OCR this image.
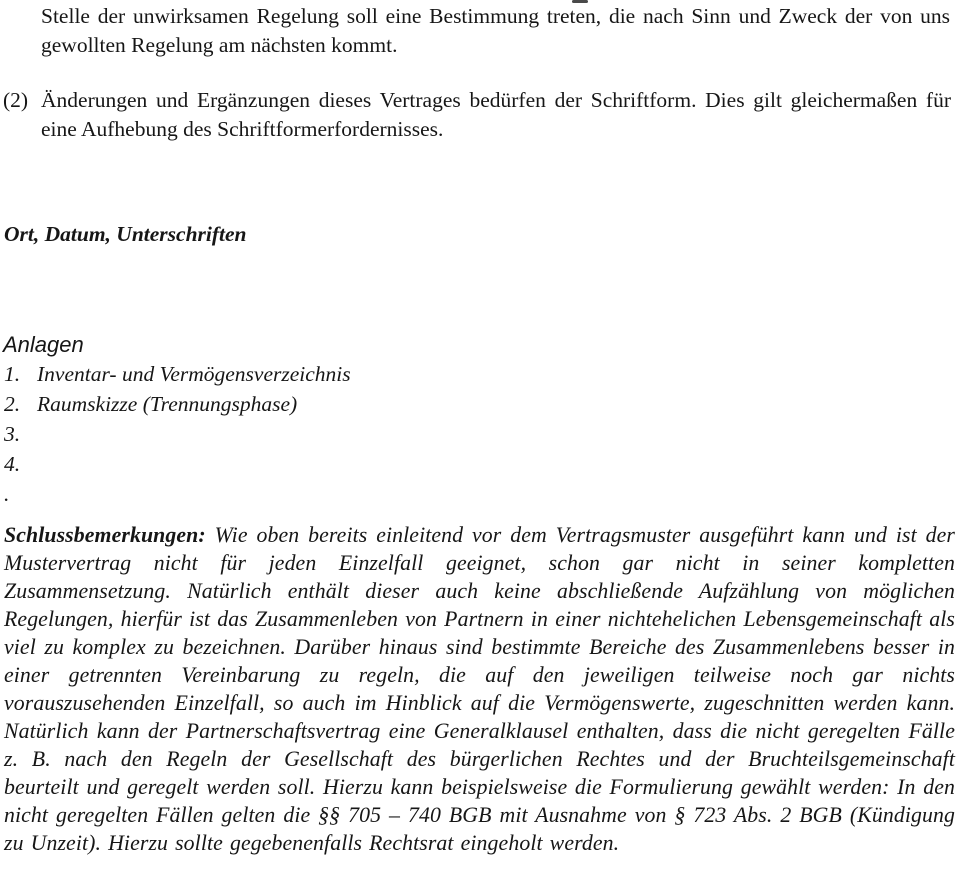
Stelle der unwirksamen Regelung soll eine Bestimmung treten, die nach Sinn und Zweck der von uns gewollten Regelung am nächsten kommt.

(2) Änderungen und Ergänzungen dieses Vertrages bedürfen der Schriftform. Dies gilt gleichermaßen für eine Aufhebung des Schriftformerfordernisses.

Ort, Datum, Unterschriften

Anlagen

1. Inventar- und Vermögensverzeichnis
2. Raumskizze (Trennungsphase)
3.
4.
.

Schlussbemerkungen: Wie oben bereits einleitend vor dem Vertragsmuster ausgeführt kann und ist der Mustervertrag nicht für jeden Einzelfall geeignet, schon gar nicht in seiner kompletten Zusammensetzung. Natürlich enthält dieser auch keine abschließende Aufzählung von möglichen Regelungen, hierfür ist das Zusammenleben von Partnern in einer nichtehelichen Lebensgemeinschaft als viel zu komplex zu bezeichnen. Darüber hinaus sind bestimmte Bereiche des Zusammenlebens besser in einer getrennten Vereinbarung zu regeln, die auf den jeweiligen teilweise noch gar nichts vorauszusehenden Einzelfall, so auch im Hinblick auf die Vermögenswerte, zugeschnitten werden kann. Natürlich kann der Partnerschaftsvertrag eine Generalklausel enthalten, dass die nicht geregelten Fälle z. B. nach den Regeln der Gesellschaft des bürgerlichen Rechtes und der Bruchteilsgemeinschaft beurteilt und geregelt werden soll. Hierzu kann beispielsweise die Formulierung gewählt werden: In den nicht geregelten Fällen gelten die §§ 705 – 740 BGB mit Ausnahme von § 723 Abs. 2 BGB (Kündigung zu Unzeit). Hierzu sollte gegebenenfalls Rechtsrat eingeholt werden.
